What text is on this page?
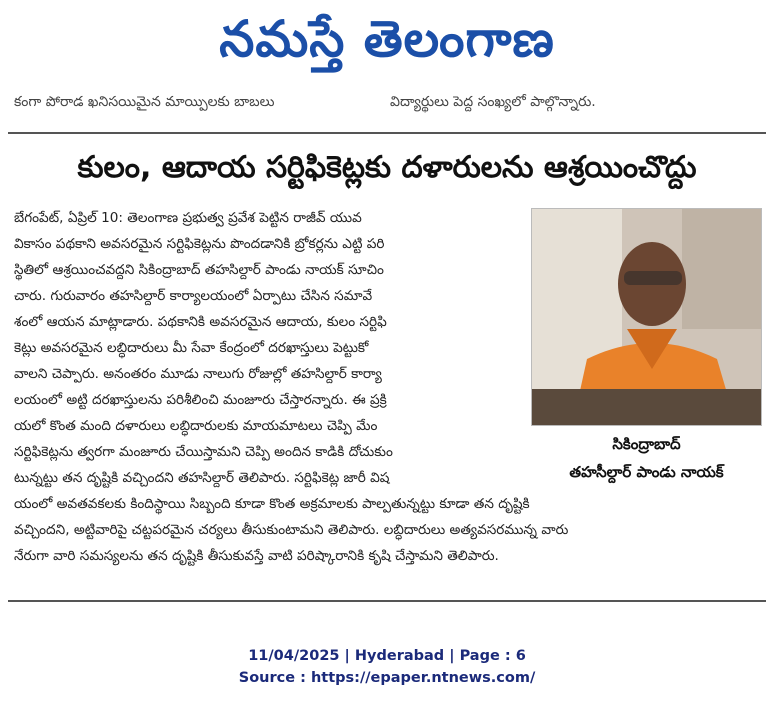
నమస్తే తెలంగాణ
కంగా పోరాడ ఖనిసయిమైన మాయ్పిలకు బాబలు	విద్యార్థులు పెద్ద సంఖ్యలో పాల్గొన్నారు.
కులం, ఆదాయ సర్టిఫికెట్లకు దళారులను ఆశ్రయించొద్దు
బేగంపేట్, ఏప్రిల్ 10: తెలంగాణ ప్రభుత్వ ప్రవేశ పెట్టిన రాజీవ్ యువ
వికాసం పథకాని అవసరమైన సర్టిఫికెట్లను పొందడానికి బ్రోకర్లను ఎట్టి పరి
స్థితిలో ఆశ్రయించవద్దని సికింద్రాబాద్ తహసిల్దార్ పాండు నాయక్ సూచిం
చారు. గురువారం తహసిల్దార్ కార్యాలయంలో ఏర్పాటు చేసిన సమావే
శంలో ఆయన మాట్లాడారు. పథకానికి అవసరమైన ఆదాయ, కులం సర్టిఫి
కెట్లు అవసరమైన లబ్ధిదారులు మీ సేవా కేంద్రంలో దరఖాస్తులు పెట్టుకో
వాలని చెప్పారు. అనంతరం మూడు నాలుగు రోజుల్లో తహసిల్దార్ కార్యా
లయంలో అట్టి దరఖాస్తులను పరిశీలించి మంజూరు చేస్తారన్నారు. ఈ ప్రక్రి
యలో కొంత మంది దళారులు లబ్ధిదారులకు మాయమాటలు చెప్పి మేం
సర్టిఫికెట్లను త్వరగా మంజూరు చేయిస్తామని చెప్పి అందిన కాడికి దోచుకుం
టున్నట్టు తన దృష్టికి వచ్చిందని తహసిల్దార్ తెలిపారు. సర్టిఫికెట్ల జారీ విష
యంలో అవతవకలకు కిందిస్థాయి సిబ్బంది కూడా కొంత అక్రమాలకు పాల్పతున్నట్టు కూడా తన దృష్టికి
వచ్చిందని, అట్టివారిపై చట్టపరమైన చర్యలు తీసుకుంటామని తెలిపారు. లబ్ధిదారులు అత్యవసరమున్న వారు
నేరుగా వారి సమస్యలను తన దృష్టికి తీసుకువస్తే వాటి పరిష్కారానికి కృషి చేస్తామని తెలిపారు.
సికింద్రాబాద్
తహసీల్దార్ పాండు నాయక్
11/04/2025 | Hyderabad | Page : 6
Source : https://epaper.ntnews.com/
